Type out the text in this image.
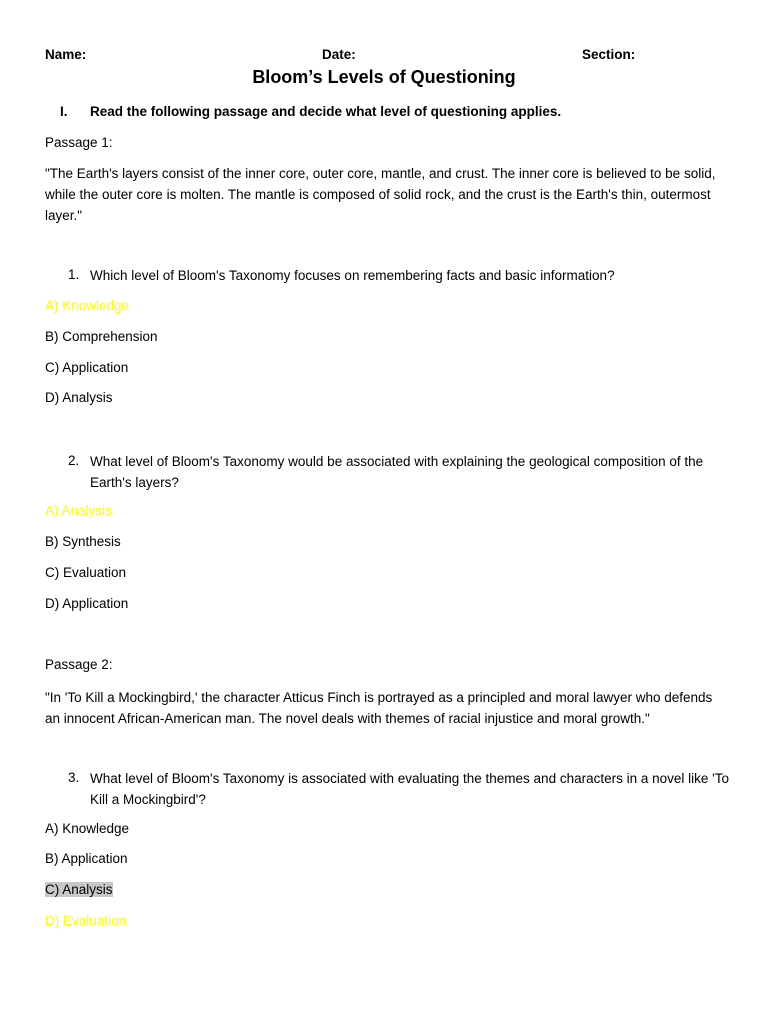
Name:	Date:	Section:
Bloom’s Levels of Questioning
I. Read the following passage and decide what level of questioning applies.
Passage 1:
"The Earth's layers consist of the inner core, outer core, mantle, and crust. The inner core is believed to be solid, while the outer core is molten. The mantle is composed of solid rock, and the crust is the Earth's thin, outermost layer."
1. Which level of Bloom's Taxonomy focuses on remembering facts and basic information?
A) Knowledge
B) Comprehension
C) Application
D) Analysis
2. What level of Bloom's Taxonomy would be associated with explaining the geological composition of the Earth's layers?
A) Analysis
B) Synthesis
C) Evaluation
D) Application
Passage 2:
"In 'To Kill a Mockingbird,' the character Atticus Finch is portrayed as a principled and moral lawyer who defends an innocent African-American man. The novel deals with themes of racial injustice and moral growth."
3. What level of Bloom's Taxonomy is associated with evaluating the themes and characters in a novel like 'To Kill a Mockingbird'?
A) Knowledge
B) Application
C) Analysis
D) Evaluation
